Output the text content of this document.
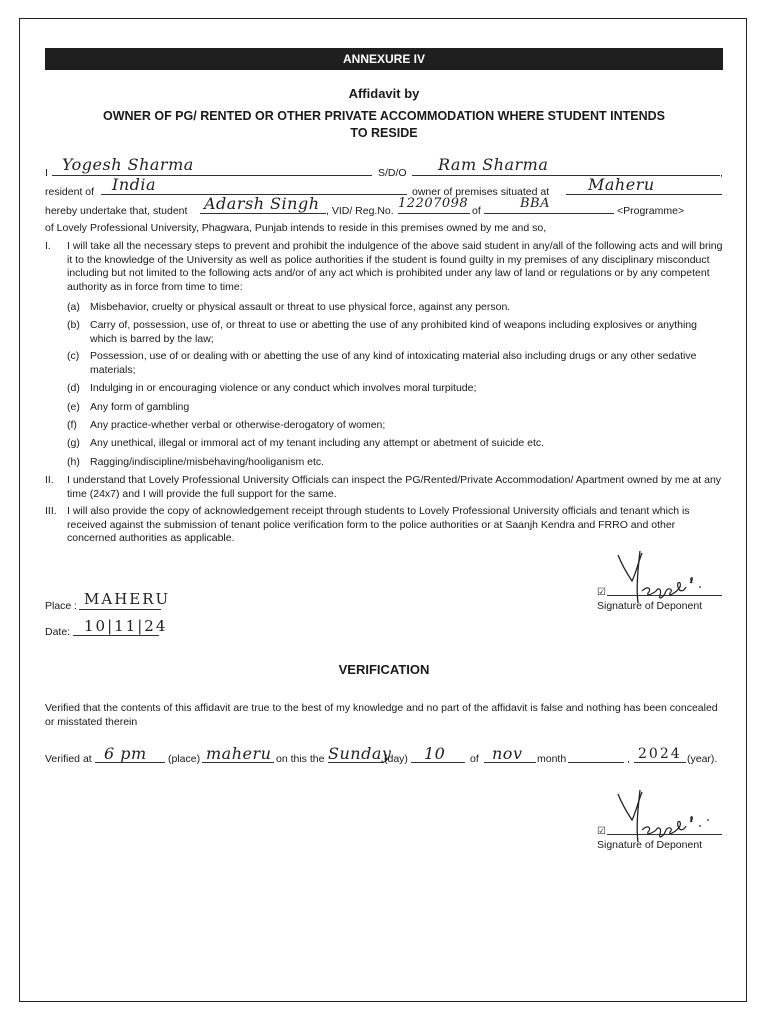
ANNEXURE IV
Affidavit by
OWNER OF PG/ RENTED OR OTHER PRIVATE ACCOMMODATION WHERE STUDENT INTENDS
TO RESIDE
I Yogesh Sharma	S/D/O Ram Sharma	,
resident of India	owner of premises situated at Maheru
hereby undertake that, student Adarsh Singh , VID/ Reg.No. 12207098 of	BBA	<Programme>
of Lovely Professional University, Phagwara, Punjab intends to reside in this premises owned by me and so,
I. I will take all the necessary steps to prevent and prohibit the indulgence of the above said student in any/all of the following acts and will bring it to the knowledge of the University as well as police authorities if the student is found guilty in my premises of any disciplinary misconduct including but not limited to the following acts and/or of any act which is prohibited under any law of land or regulations or by any competent authority as in force from time to time:
(a) Misbehavior, cruelty or physical assault or threat to use physical force, against any person.
(b) Carry of, possession, use of, or threat to use or abetting the use of any prohibited kind of weapons including explosives or anything which is barred by the law;
(c) Possession, use of or dealing with or abetting the use of any kind of intoxicating material also including drugs or any other sedative materials;
(d) Indulging in or encouraging violence or any conduct which involves moral turpitude;
(e) Any form of gambling
(f) Any practice-whether verbal or otherwise-derogatory of women;
(g) Any unethical, illegal or immoral act of my tenant including any attempt or abetment of suicide etc.
(h) Ragging/indiscipline/misbehaving/hooliganism etc.
II. I understand that Lovely Professional University Officials can inspect the PG/Rented/Private Accommodation/ Apartment owned by me at any time (24x7) and I will provide the full support for the same.
III. I will also provide the copy of acknowledgement receipt through students to Lovely Professional University officials and tenant which is received against the submission of tenant police verification form to the police authorities or at Saanjh Kendra and FRRO and other concerned authorities as applicable.
Place : MAHERU
Date: 10|11|24
☑
Signature of Deponent
VERIFICATION
Verified that the contents of this affidavit are true to the best of my knowledge and no part of the affidavit is false and nothing has been concealed or misstated therein
Verified at 6 pm (place) maheru on this the Sunday
(day) 10 of nov month	, 2024 (year).
☑
Signature of Deponent
